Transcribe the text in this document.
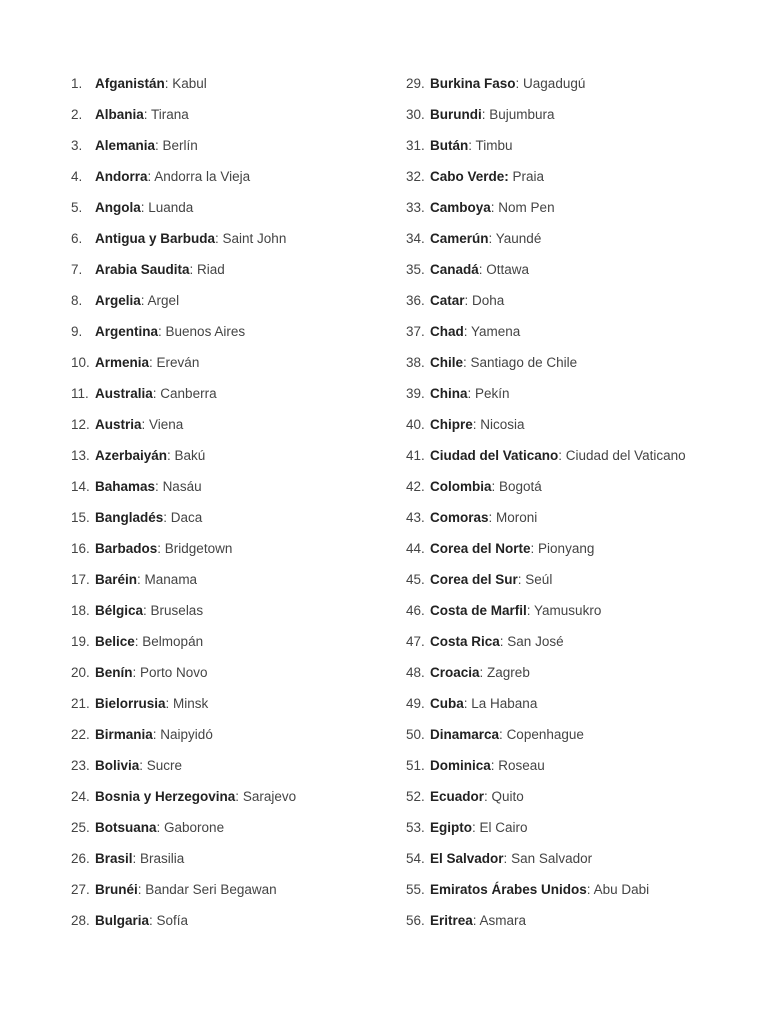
1. Afganistán: Kabul
2. Albania: Tirana
3. Alemania: Berlín
4. Andorra: Andorra la Vieja
5. Angola: Luanda
6. Antigua y Barbuda: Saint John
7. Arabia Saudita: Riad
8. Argelia: Argel
9. Argentina: Buenos Aires
10. Armenia: Ereván
11. Australia: Canberra
12. Austria: Viena
13. Azerbaiyán: Bakú
14. Bahamas: Nasáu
15. Bangladés: Daca
16. Barbados: Bridgetown
17. Baréin: Manama
18. Bélgica: Bruselas
19. Belice: Belmopán
20. Benín: Porto Novo
21. Bielorrusia: Minsk
22. Birmania: Naipyidó
23. Bolivia: Sucre
24. Bosnia y Herzegovina: Sarajevo
25. Botsuana: Gaborone
26. Brasil: Brasilia
27. Brunéi: Bandar Seri Begawan
28. Bulgaria: Sofía
29. Burkina Faso: Uagadugú
30. Burundi: Bujumbura
31. Bután: Timbu
32. Cabo Verde: Praia
33. Camboya: Nom Pen
34. Camerún: Yaundé
35. Canadá: Ottawa
36. Catar: Doha
37. Chad: Yamena
38. Chile: Santiago de Chile
39. China: Pekín
40. Chipre: Nicosia
41. Ciudad del Vaticano: Ciudad del Vaticano
42. Colombia: Bogotá
43. Comoras: Moroni
44. Corea del Norte: Pionyang
45. Corea del Sur: Seúl
46. Costa de Marfil: Yamusukro
47. Costa Rica: San José
48. Croacia: Zagreb
49. Cuba: La Habana
50. Dinamarca: Copenhague
51. Dominica: Roseau
52. Ecuador: Quito
53. Egipto: El Cairo
54. El Salvador: San Salvador
55. Emiratos Árabes Unidos: Abu Dabi
56. Eritrea: Asmara
